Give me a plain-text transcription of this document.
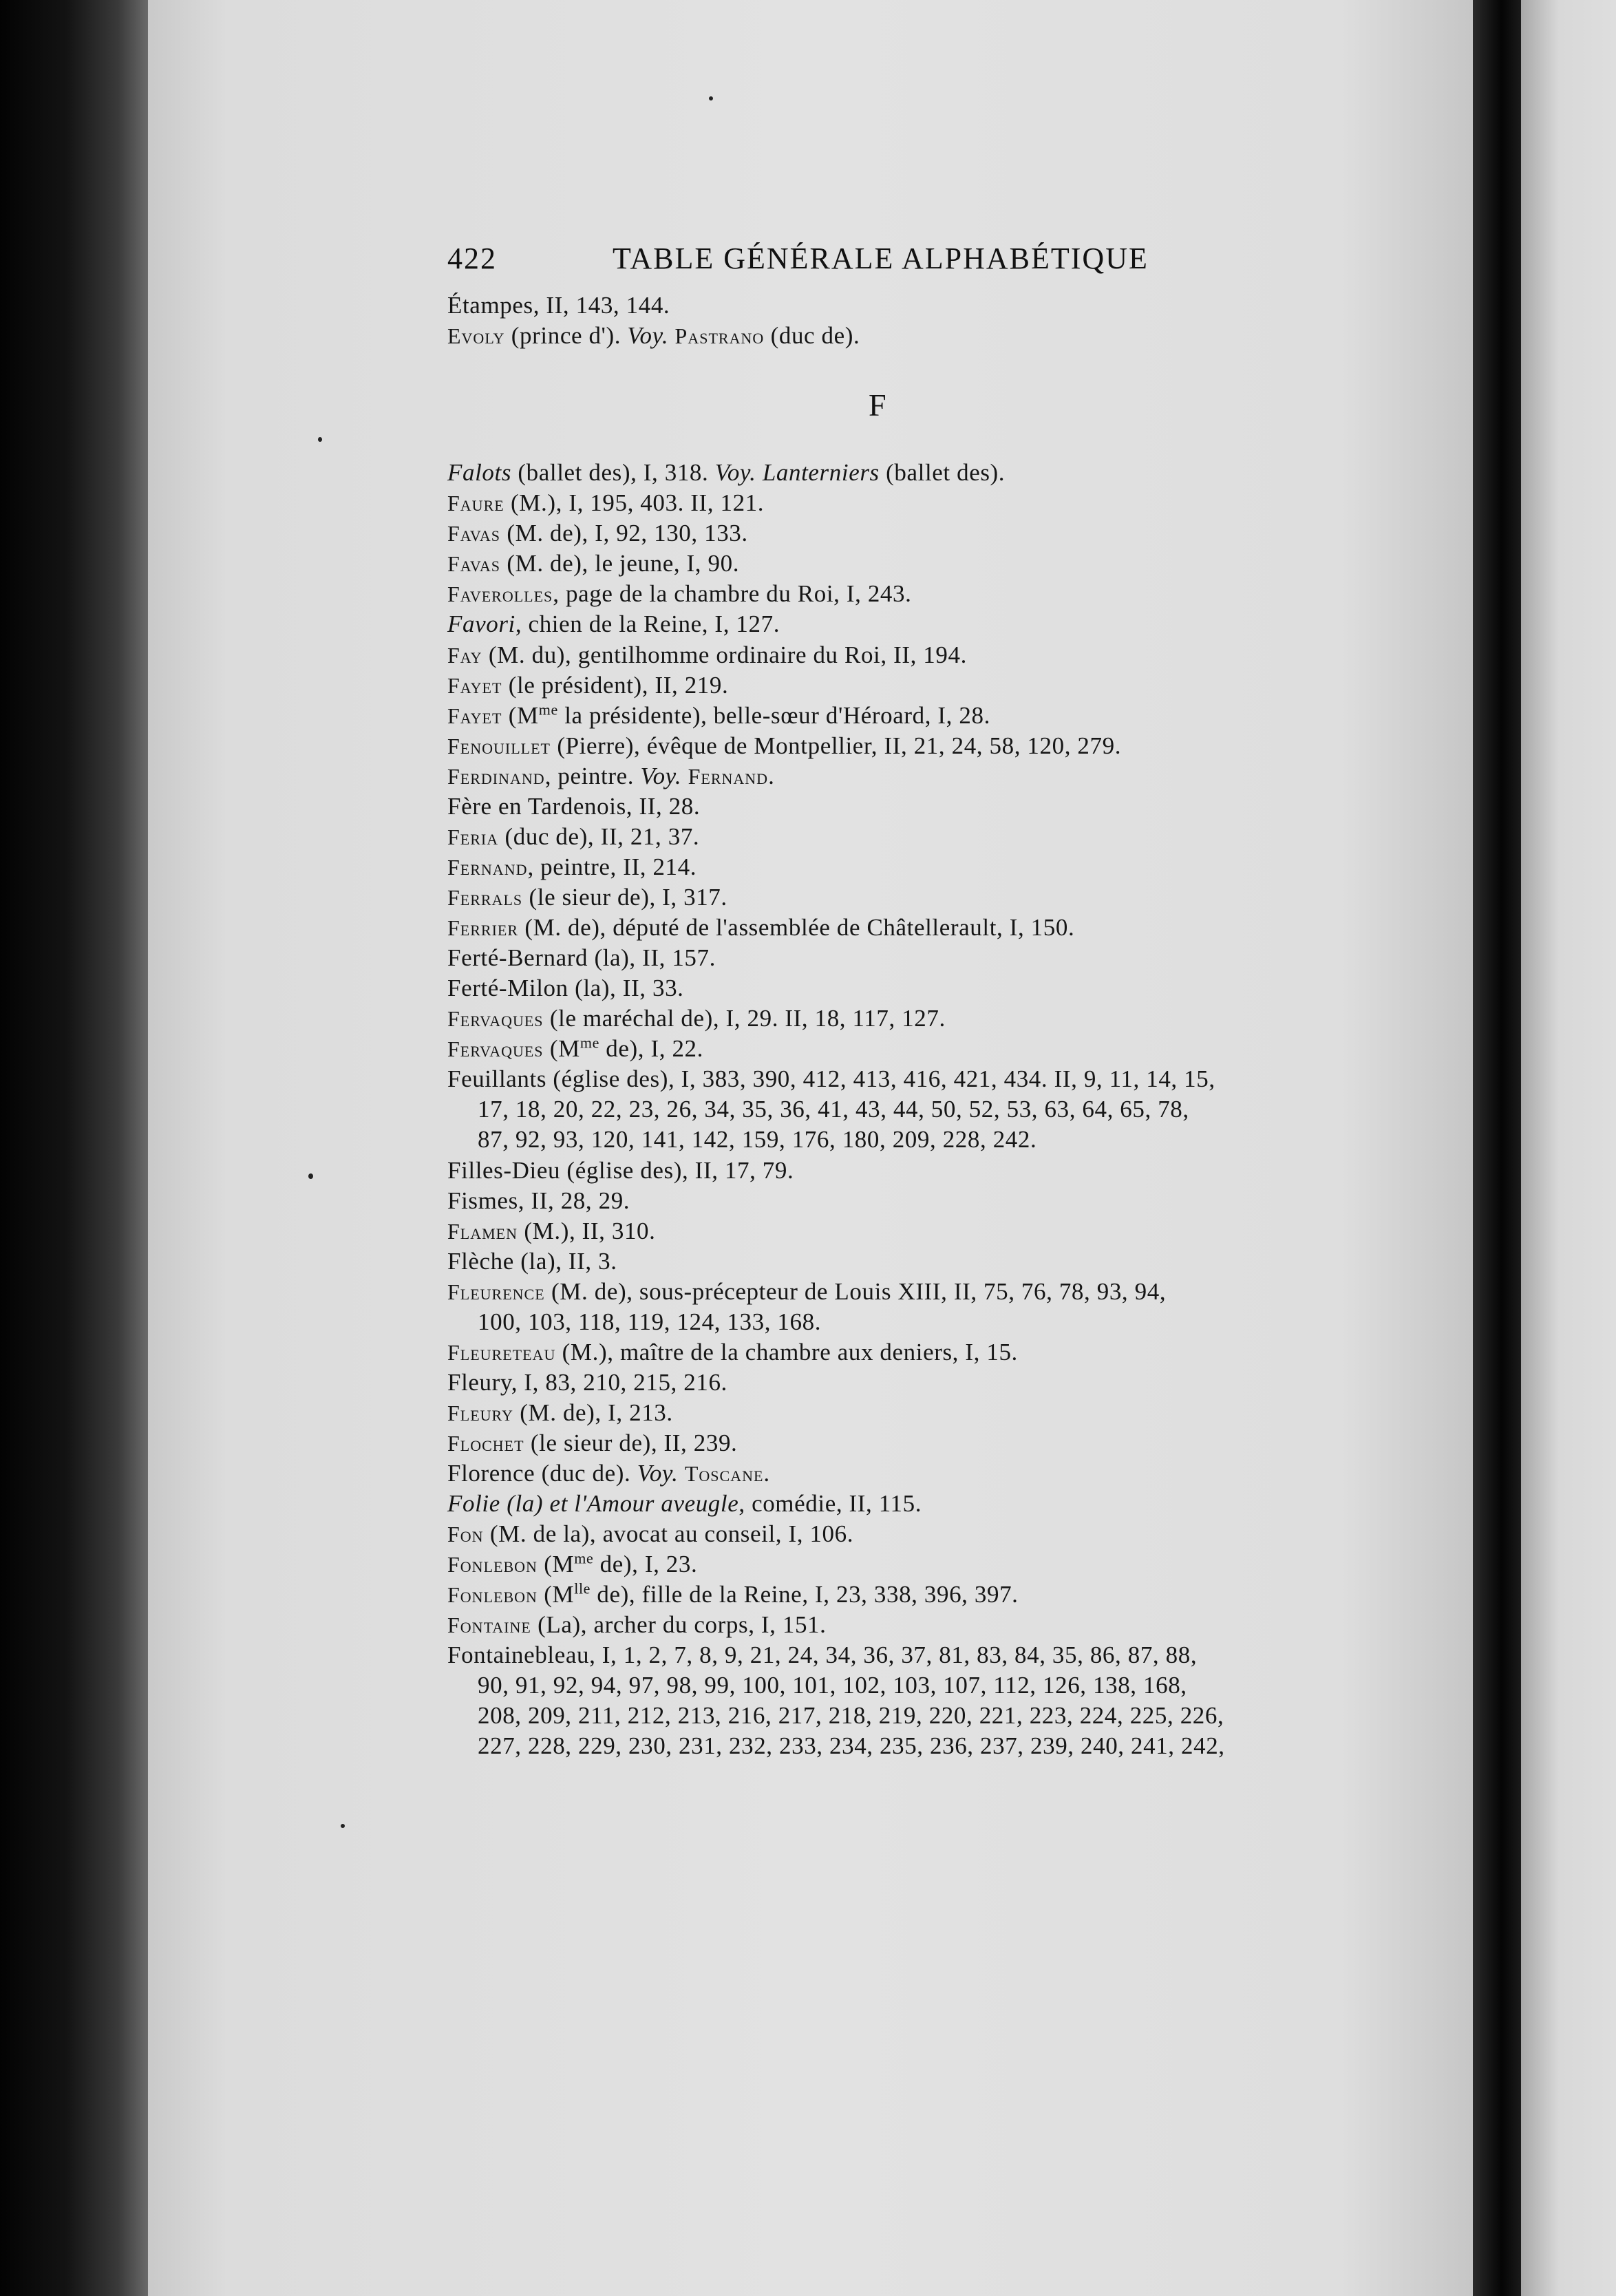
422	TABLE GÉNÉRALE ALPHABÉTIQUE
F
Étampes, II, 143, 144.
Evoly (prince d'). Voy. Pastrano (duc de).
Falots (ballet des), I, 318. Voy. Lanterniers (ballet des).
Faure (M.), I, 195, 403. II, 121.
Favas (M. de), I, 92, 130, 133.
Favas (M. de), le jeune, I, 90.
Faverolles, page de la chambre du Roi, I, 243.
Favori, chien de la Reine, I, 127.
Fay (M. du), gentilhomme ordinaire du Roi, II, 194.
Fayet (le président), II, 219.
Fayet ($M^{me}$ la présidente), belle-sœur d'Héroard, I, 28.
Fenouillet (Pierre), évêque de Montpellier, II, 21, 24, 58, 120, 279.
Ferdinand, peintre. Voy. Fernand.
Fère en Tardenois, II, 28.
Feria (duc de), II, 21, 37.
Fernand, peintre, II, 214.
Ferrals (le sieur de), I, 317.
Ferrier (M. de), député de l'assemblée de Châtellerault, I, 150.
Ferté-Bernard (la), II, 157.
Ferté-Milon (la), II, 33.
Fervaques (le maréchal de), I, 29. II, 18, 117, 127.
Fervaques ($M^{me}$ de), I, 22.
Feuillants (église des), I, 383, 390, 412, 413, 416, 421, 434. II, 9, 11, 14, 15,
17, 18, 20, 22, 23, 26, 34, 35, 36, 41, 43, 44, 50, 52, 53, 63, 64, 65, 78,
87, 92, 93, 120, 141, 142, 159, 176, 180, 209, 228, 242.
Filles-Dieu (église des), II, 17, 79.
Fismes, II, 28, 29.
Flamen (M.), II, 310.
Flèche (la), II, 3.
Fleurence (M. de), sous-précepteur de Louis XIII, II, 75, 76, 78, 93, 94,
100, 103, 118, 119, 124, 133, 168.
Fleureteau (M.), maître de la chambre aux deniers, I, 15.
Fleury, I, 83, 210, 215, 216.
Fleury (M. de), I, 213.
Flochet (le sieur de), II, 239.
Florence (duc de). Voy. Toscane.
Folie (la) et l'Amour aveugle, comédie, II, 115.
Fon (M. de la), avocat au conseil, I, 106.
Fonlebon ($M^{me}$ de), I, 23.
Fonlebon ($M^{lle}$ de), fille de la Reine, I, 23, 338, 396, 397.
Fontaine (La), archer du corps, I, 151.
Fontainebleau, I, 1, 2, 7, 8, 9, 21, 24, 34, 36, 37, 81, 83, 84, 35, 86, 87, 88,
90, 91, 92, 94, 97, 98, 99, 100, 101, 102, 103, 107, 112, 126, 138, 168,
208, 209, 211, 212, 213, 216, 217, 218, 219, 220, 221, 223, 224, 225, 226,
227, 228, 229, 230, 231, 232, 233, 234, 235, 236, 237, 239, 240, 241, 242,
